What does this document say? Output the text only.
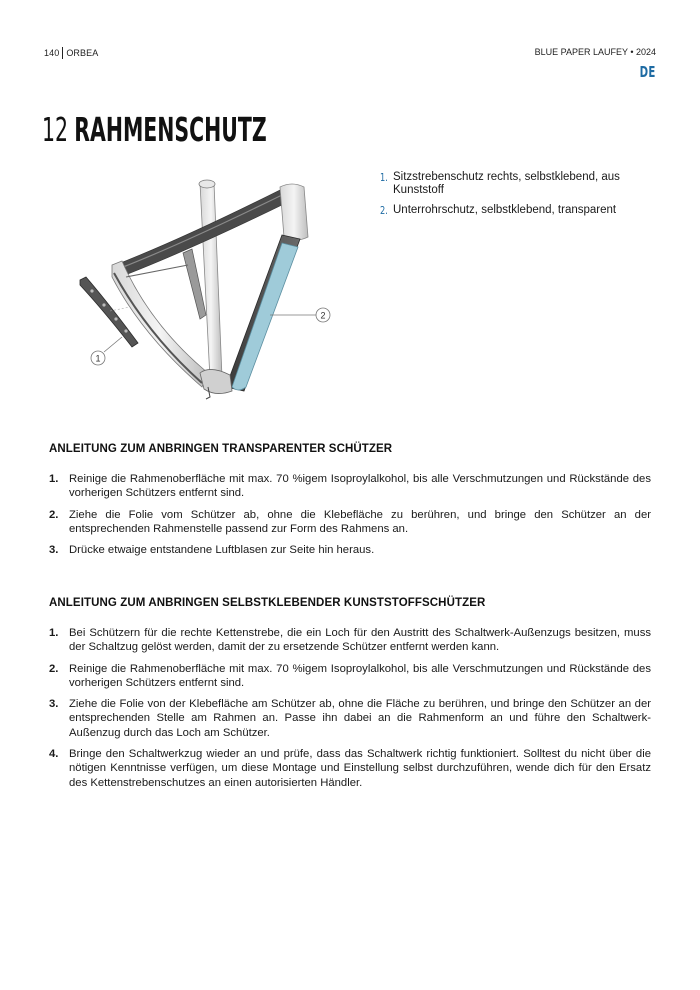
140 ORBEA	BLUE PAPER LAUFEY • 2024
DE
12 RAHMENSCHUTZ
1
2
1. Sitzstrebenschutz rechts, selbstklebend, aus Kunststoff
2. Unterrohrschutz, selbstklebend, transparent
ANLEITUNG ZUM ANBRINGEN TRANSPARENTER SCHÜTZER
1. Reinige die Rahmenoberfläche mit max. 70 %igem Isoproylalkohol, bis alle Verschmutzungen und Rückstände des vorherigen Schützers entfernt sind.
2. Ziehe die Folie vom Schützer ab, ohne die Klebefläche zu berühren, und bringe den Schützer an der entsprechenden Rahmenstelle passend zur Form des Rahmens an.
3. Drücke etwaige entstandene Luftblasen zur Seite hin heraus.
ANLEITUNG ZUM ANBRINGEN SELBSTKLEBENDER KUNSTSTOFFSCHÜTZER
1. Bei Schützern für die rechte Kettenstrebe, die ein Loch für den Austritt des Schaltwerk-Außenzugs besitzen, muss der Schaltzug gelöst werden, damit der zu ersetzende Schützer entfernt werden kann.
2. Reinige die Rahmenoberfläche mit max. 70 %igem Isoproylalkohol, bis alle Verschmutzungen und Rückstände des vorherigen Schützers entfernt sind.
3. Ziehe die Folie von der Klebefläche am Schützer ab, ohne die Fläche zu berühren, und bringe den Schützer an der entsprechenden Stelle am Rahmen an. Passe ihn dabei an die Rahmenform an und führe den Schaltwerk-Außenzug durch das Loch am Schützer.
4. Bringe den Schaltwerkzug wieder an und prüfe, dass das Schaltwerk richtig funktioniert. Solltest du nicht über die nötigen Kenntnisse verfügen, um diese Montage und Einstellung selbst durchzuführen, wende dich für den Ersatz des Kettenstrebenschutzes an einen autorisierten Händler.
